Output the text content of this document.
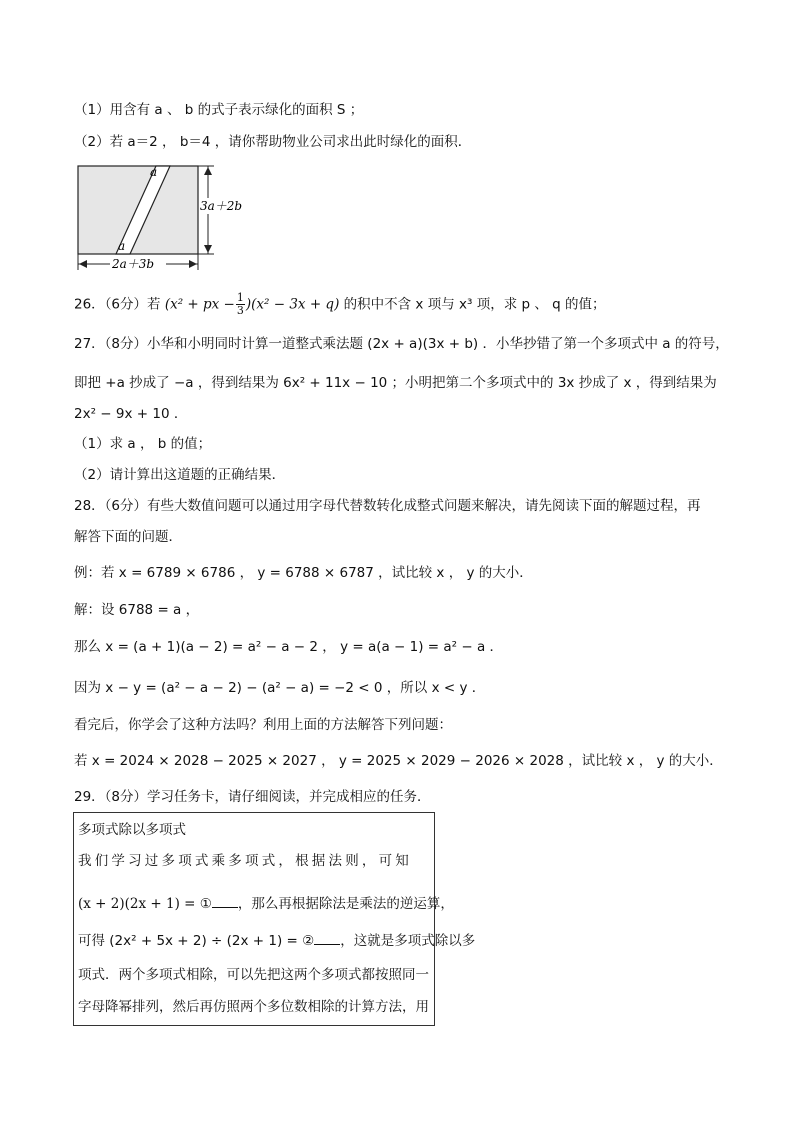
（1）用含有 a 、 b 的式子表示绿化的面积 S ；
（2）若 a＝2 ， b＝4 ，请你帮助物业公司求出此时绿化的面积．
a
a
3a＋2b
2a＋3b
26．（6分）若 (x² + px − $\frac{1}{3} )(x^2 - 3x + q)$ 的积中不含 x 项与 x³ 项，求 p 、 q 的值；
27．（8分）小华和小明同时计算一道整式乘法题 (2x + a)(3x + b) ．小华抄错了第一个多项式中 a 的符号，
即把 +a 抄成了 −a ，得到结果为 6x² + 11x − 10 ；小明把第二个多项式中的 3x 抄成了 x ，得到结果为
2x² − 9x + 10 ．
（1）求 a ， b 的值；
（2）请计算出这道题的正确结果．
28．（6分）有些大数值问题可以通过用字母代替数转化成整式问题来解决，请先阅读下面的解题过程，再
解答下面的问题．
例：若 x = 6789 × 6786 ， y = 6788 × 6787 ，试比较 x ， y 的大小．
解：设 6788 = a ，
那么 x = (a + 1)(a − 2) = a² − a − 2 ， y = a(a − 1) = a² − a ．
因为 x − y = (a² − a − 2) − (a² − a) = −2 < 0 ，所以 x < y ．
看完后，你学会了这种方法吗？利用上面的方法解答下列问题：
若 x = 2024 × 2028 − 2025 × 2027 ， y = 2025 × 2029 − 2026 × 2028 ，试比较 x ， y 的大小．
29．（8分）学习任务卡，请仔细阅读，并完成相应的任务．
多项式除以多项式
我们学习过多项式乘多项式，根据法则，可知
(x + 2)(2x + 1) = ① ，那么再根据除法是乘法的逆运算，
可得 (2x² + 5x + 2) ÷ (2x + 1) = ② ，这就是多项式除以多
项式．两个多项式相除，可以先把这两个多项式都按照同一
字母降幂排列，然后再仿照两个多位数相除的计算方法，用
